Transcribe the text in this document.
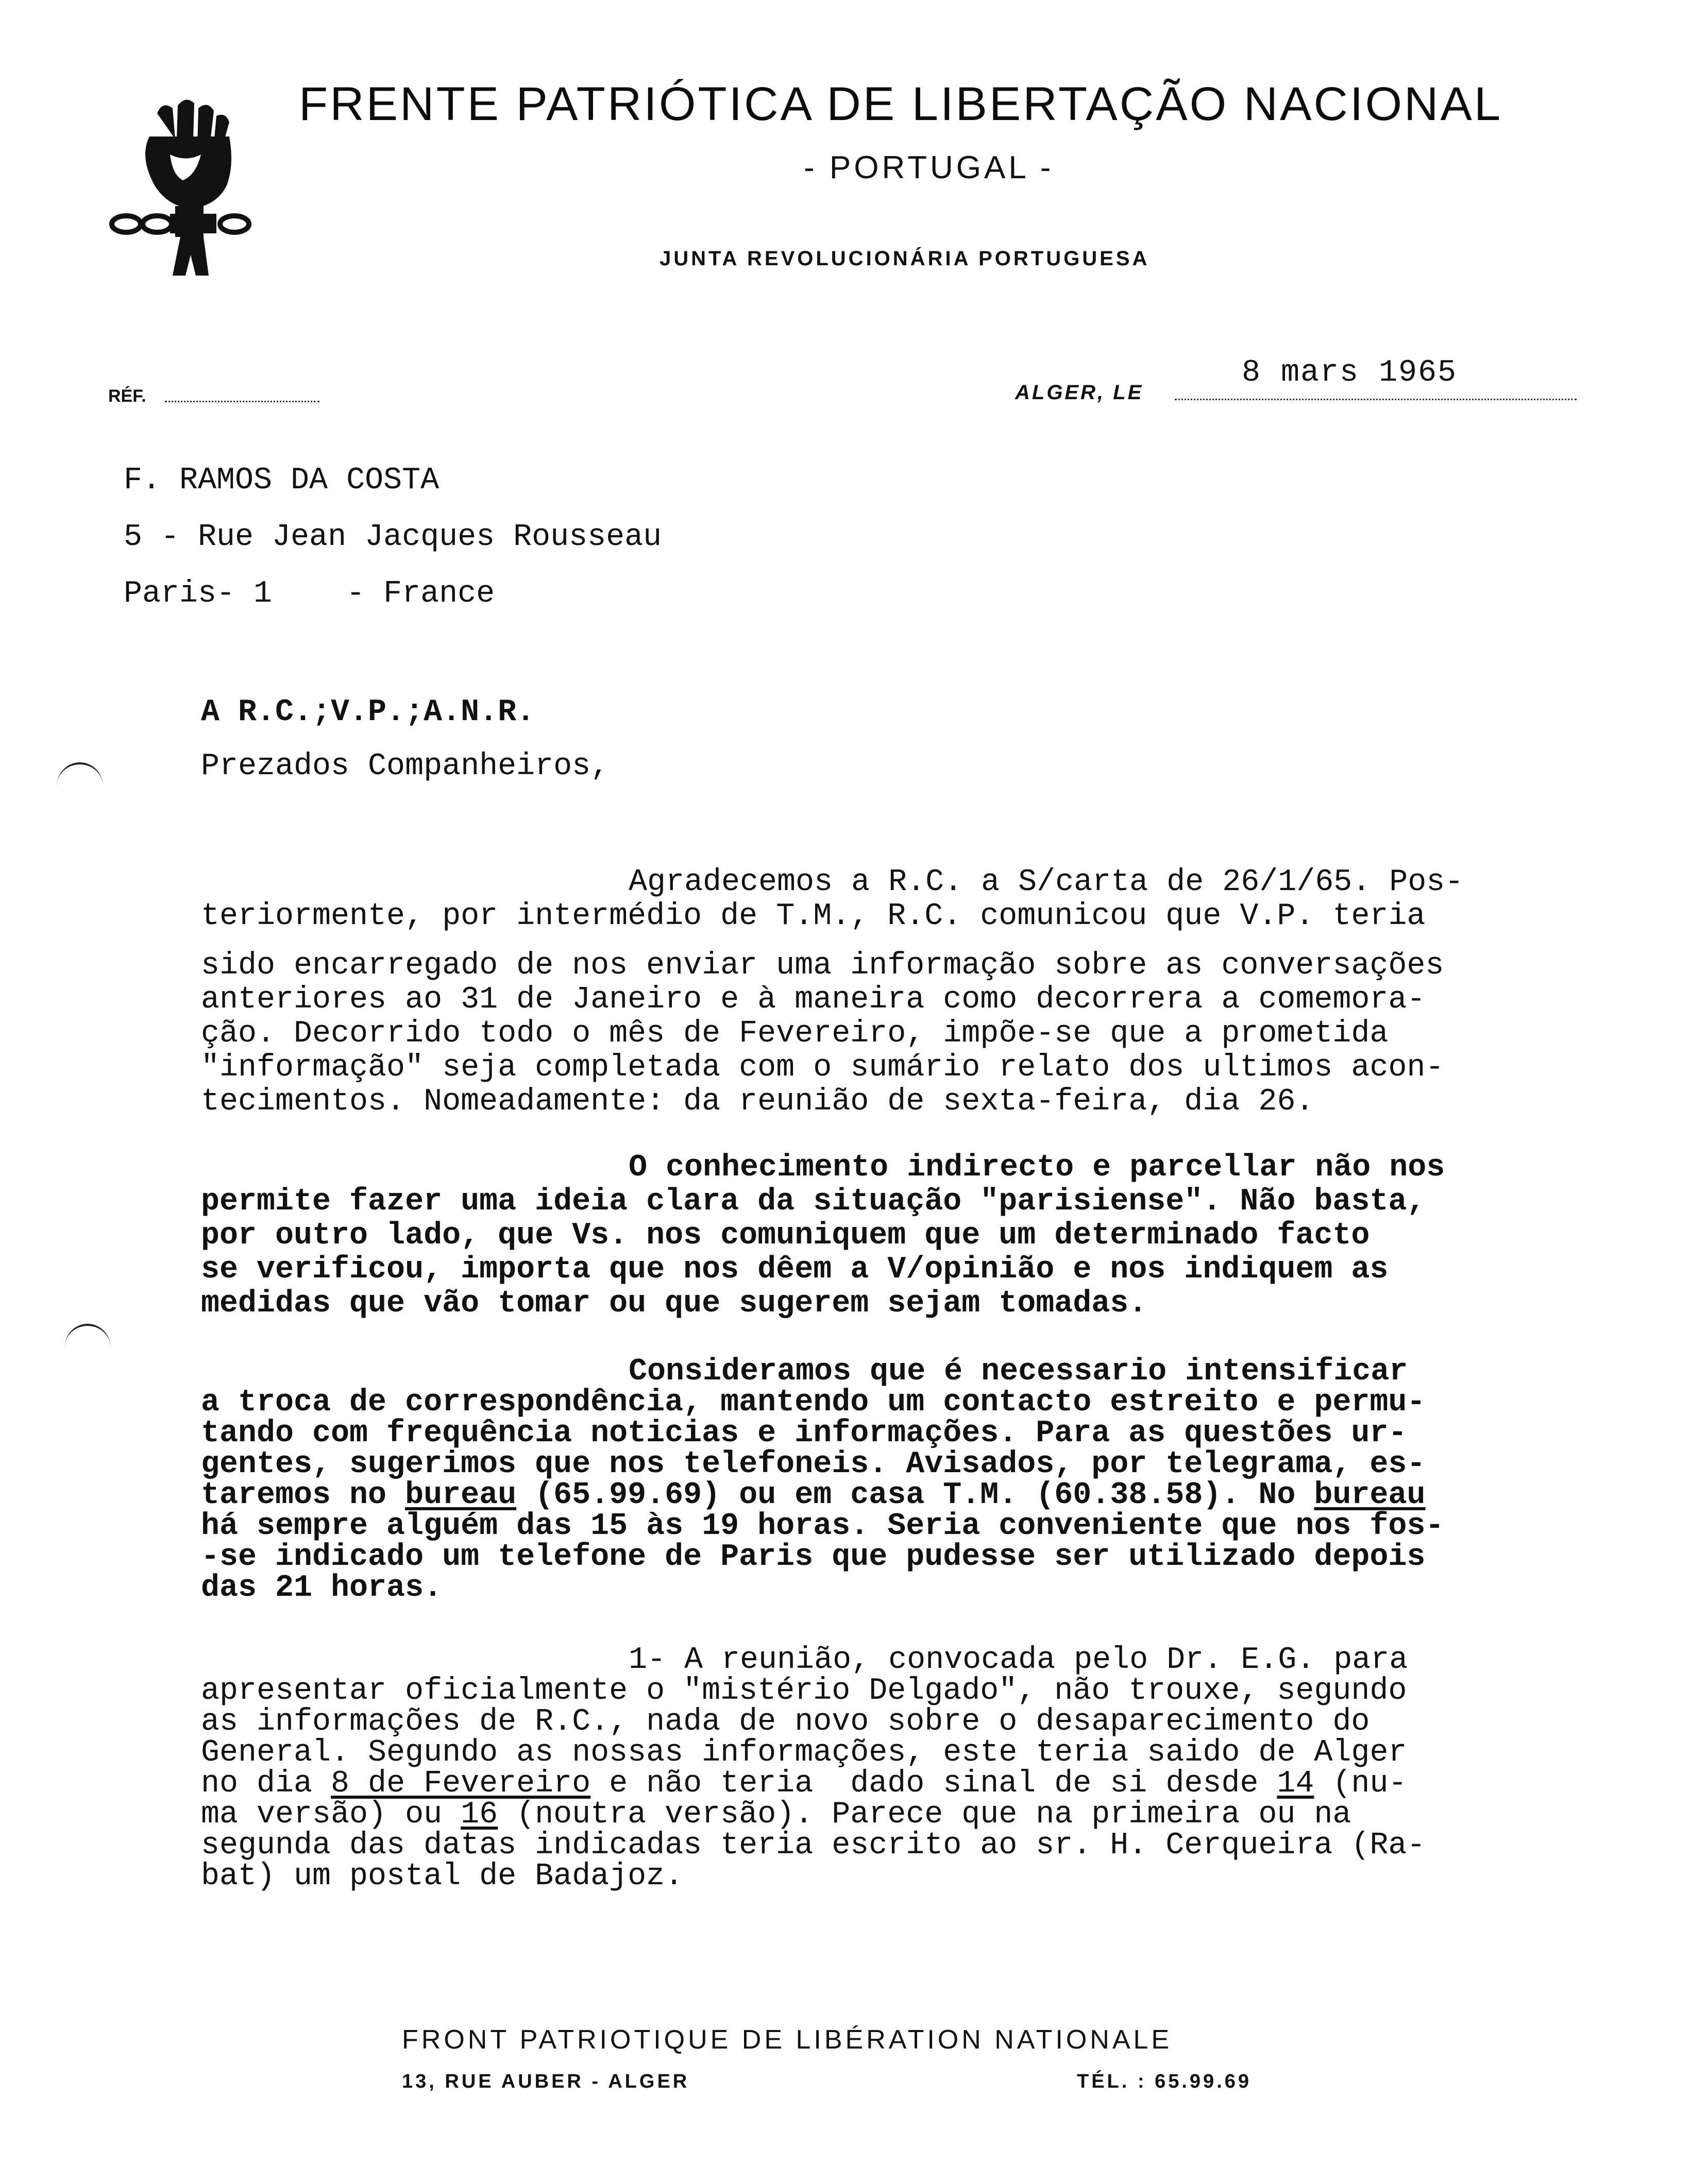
FRENTE PATRIÓTICA DE LIBERTAÇÃO NACIONAL
- PORTUGAL -
JUNTA REVOLUCIONÁRIA PORTUGUESA
RÉF.	ALGER, LE
8 mars 1965
F. RAMOS DA COSTA
5 - Rue Jean Jacques Rousseau
Paris- 1    - France
A R.C.;V.P.;A.N.R.
Prezados Companheiros,
Agradecemos a R.C. a S/carta de 26/1/65. Pos-
teriormente, por intermédio de T.M., R.C. comunicou que V.P. teria
sido encarregado de nos enviar uma informação sobre as conversações
anteriores ao 31 de Janeiro e à maneira como decorrera a comemora-
ção. Decorrido todo o mês de Fevereiro, impõe-se que a prometida
"informação" seja completada com o sumário relato dos ultimos acon-
tecimentos. Nomeadamente: da reunião de sexta-feira, dia 26.
O conhecimento indirecto e parcellar não nos
permite fazer uma ideia clara da situação "parisiense". Não basta,
por outro lado, que Vs. nos comuniquem que um determinado facto
se verificou, importa que nos dêem a V/opinião e nos indiquem as
medidas que vão tomar ou que sugerem sejam tomadas.
Consideramos que é necessario intensificar
a troca de correspondência, mantendo um contacto estreito e permu-
tando com frequência noticias e informações. Para as questões ur-
gentes, sugerimos que nos telefoneis. Avisados, por telegrama, es-
taremos no bureau (65.99.69) ou em casa T.M. (60.38.58). No bureau
há sempre alguém das 15 às 19 horas. Seria conveniente que nos fos-
-se indicado um telefone de Paris que pudesse ser utilizado depois
das 21 horas.
1- A reunião, convocada pelo Dr. E.G. para
apresentar oficialmente o "mistério Delgado", não trouxe, segundo
as informações de R.C., nada de novo sobre o desaparecimento do
General. Segundo as nossas informações, este teria saido de Alger
no dia 8 de Fevereiro e não teria  dado sinal de si desde 14 (nu-
ma versão) ou 16 (noutra versão). Parece que na primeira ou na
segunda das datas indicadas teria escrito ao sr. H. Cerqueira (Ra-
bat) um postal de Badajoz.
FRONT PATRIOTIQUE DE LIBÉRATION NATIONALE
13, RUE AUBER - ALGER	TÉL. : 65.99.69
